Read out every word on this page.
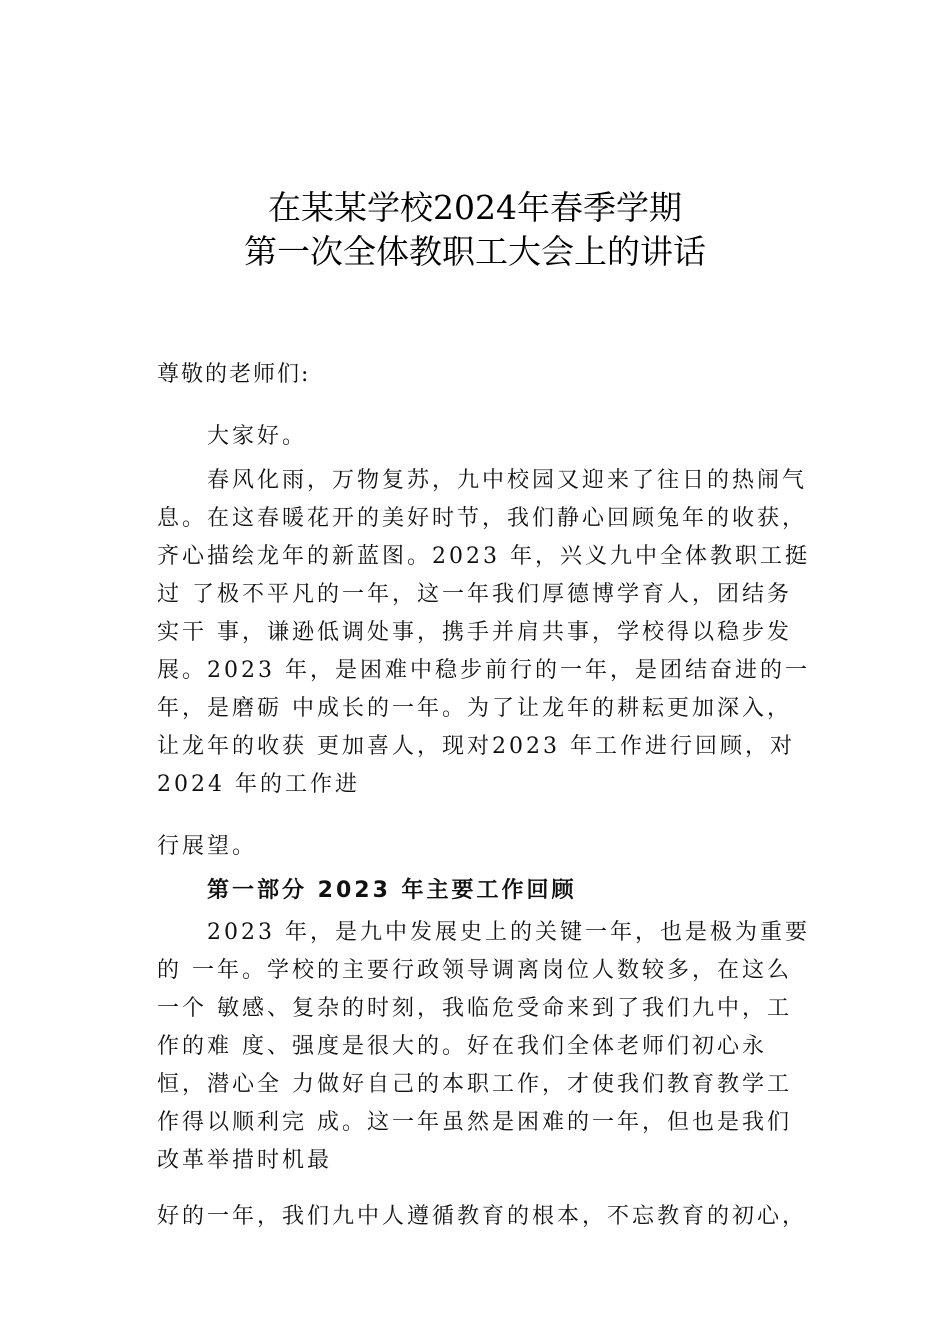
在某某学校2024年春季学期
第一次全体教职工大会上的讲话
尊敬的老师们:
大家好。
春风化雨，万物复苏，九中校园又迎来了往日的热闹气
息。在这春暖花开的美好时节，我们静心回顾兔年的收获，
齐心描绘龙年的新蓝图。2023 年，兴义九中全体教职工挺
过 了极不平凡的一年，这一年我们厚德博学育人，团结务
实干 事，谦逊低调处事，携手并肩共事，学校得以稳步发
展。2023 年，是困难中稳步前行的一年，是团结奋进的一
年，是磨砺 中成长的一年。为了让龙年的耕耘更加深入，
让龙年的收获 更加喜人，现对2023 年工作进行回顾，对
2024 年的工作进
行展望。
第一部分 2023 年主要工作回顾
2023 年，是九中发展史上的关键一年，也是极为重要
的 一年。学校的主要行政领导调离岗位人数较多，在这么
一个 敏感、复杂的时刻，我临危受命来到了我们九中，工
作的难 度、强度是很大的。好在我们全体老师们初心永
恒，潜心全 力做好自己的本职工作，才使我们教育教学工
作得以顺利完 成。这一年虽然是困难的一年，但也是我们
改革举措时机最
好的一年，我们九中人遵循教育的根本，不忘教育的初心，
